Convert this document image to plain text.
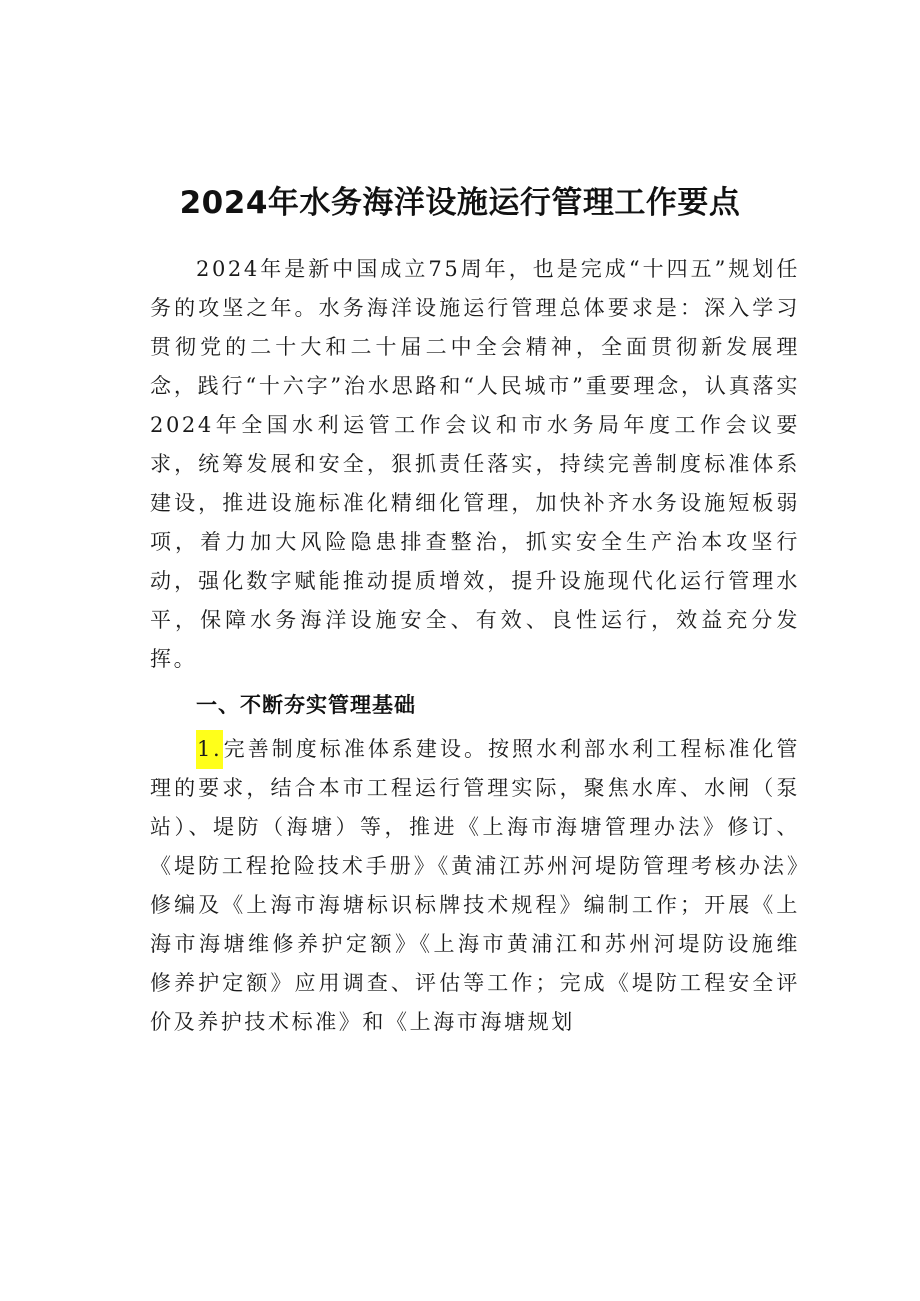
2024年水务海洋设施运行管理工作要点

2024年是新中国成立75周年，也是完成“十四五”规划任务的攻坚之年。水务海洋设施运行管理总体要求是：深入学习贯彻党的二十大和二十届二中全会精神，全面贯彻新发展理念，践行“十六字”治水思路和“人民城市”重要理念，认真落实2024年全国水利运管工作会议和市水务局年度工作会议要求，统筹发展和安全，狠抓责任落实，持续完善制度标准体系建设，推进设施标准化精细化管理，加快补齐水务设施短板弱项，着力加大风险隐患排查整治，抓实安全生产治本攻坚行动，强化数字赋能推动提质增效，提升设施现代化运行管理水平，保障水务海洋设施安全、有效、良性运行，效益充分发挥。

一、不断夯实管理基础

1.完善制度标准体系建设。按照水利部水利工程标准化管理的要求，结合本市工程运行管理实际，聚焦水库、水闸（泵站）、堤防（海塘）等，推进《上海市海塘管理办法》修订、《堤防工程抢险技术手册》《黄浦江苏州河堤防管理考核办法》修编及《上海市海塘标识标牌技术规程》编制工作；开展《上海市海塘维修养护定额》《上海市黄浦江和苏州河堤防设施维修养护定额》应用调查、评估等工作；完成《堤防工程安全评价及养护技术标准》和《上海市海塘规划
